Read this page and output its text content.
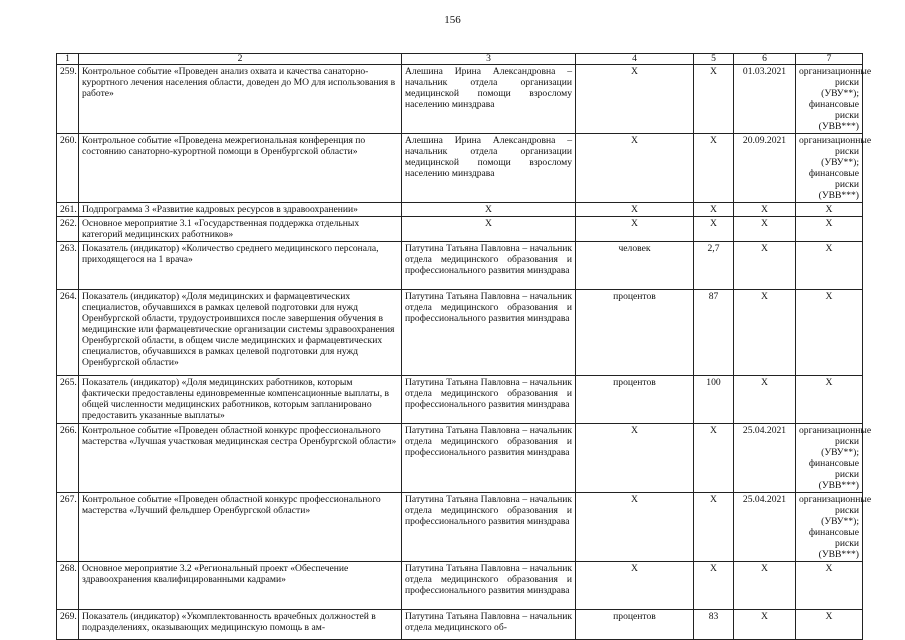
156
1	2	3	4	5	6	7
259.	Контрольное событие «Проведен анализ охвата и качества санаторно-курортного лечения населения области, доведен до МО для использования в работе»	Алешина Ирина Александровна – начальник отдела организации медицинской помощи взрослому населению минздрава	Х	Х	01.03.2021	организационные риски (УВУ**); финансовые риски (УВВ***)
260.	Контрольное событие «Проведена межрегиональная конференция по состоянию санаторно-курортной помощи в Оренбургской области»	Алешина Ирина Александровна – начальник отдела организации медицинской помощи взрослому населению минздрава	Х	Х	20.09.2021	организационные риски (УВУ**); финансовые риски (УВВ***)
261.	Подпрограмма 3 «Развитие кадровых ресурсов в здравоохранении»	Х	Х	Х	Х	Х
262.	Основное мероприятие 3.1 «Государственная поддержка отдельных категорий медицинских работников»	Х	Х	Х	Х	Х
263.	Показатель (индикатор) «Количество среднего медицинского персонала, приходящегося на 1 врача»	Патутина Татьяна Павловна – начальник отдела медицинского образования и профессионального развития минздрава	человек	2,7	Х	Х
264.	Показатель (индикатор) «Доля медицинских и фармацевтических специалистов, обучавшихся в рамках целевой подготовки для нужд Оренбургской области, трудоустроившихся после завершения обучения в медицинские или фармацевтические организации системы здравоохранения Оренбургской области, в общем числе медицинских и фармацевтических специалистов, обучавшихся в рамках целевой подготовки для нужд Оренбургской области»	Патутина Татьяна Павловна – начальник отдела медицинского образования и профессионального развития минздрава	процентов	87	Х	Х
265.	Показатель (индикатор) «Доля медицинских работников, которым фактически предоставлены единовременные компенсационные выплаты, в общей численности медицинских работников, которым запланировано предоставить указанные выплаты»	Патутина Татьяна Павловна – начальник отдела медицинского образования и профессионального развития минздрава	процентов	100	Х	Х
266.	Контрольное событие «Проведен областной конкурс профессионального мастерства «Лучшая участковая медицинская сестра Оренбургской области»	Патутина Татьяна Павловна – начальник отдела медицинского образования и профессионального развития минздрава	Х	Х	25.04.2021	организационные риски (УВУ**); финансовые риски (УВВ***)
267.	Контрольное событие «Проведен областной конкурс профессионального мастерства «Лучший фельдшер Оренбургской области»	Патутина Татьяна Павловна – начальник отдела медицинского образования и профессионального развития минздрава	Х	Х	25.04.2021	организационные риски (УВУ**); финансовые риски (УВВ***)
268.	Основное мероприятие 3.2 «Региональный проект «Обеспечение здравоохранения квалифицированными кадрами»	Патутина Татьяна Павловна – начальник отдела медицинского образования и профессионального развития минздрава	Х	Х	Х	Х
269.	Показатель (индикатор) «Укомплектованность врачебных должностей в подразделениях, оказывающих медицинскую помощь в ам-	Патутина Татьяна Павловна – начальник отдела медицинского об-	процентов	83	Х	Х
